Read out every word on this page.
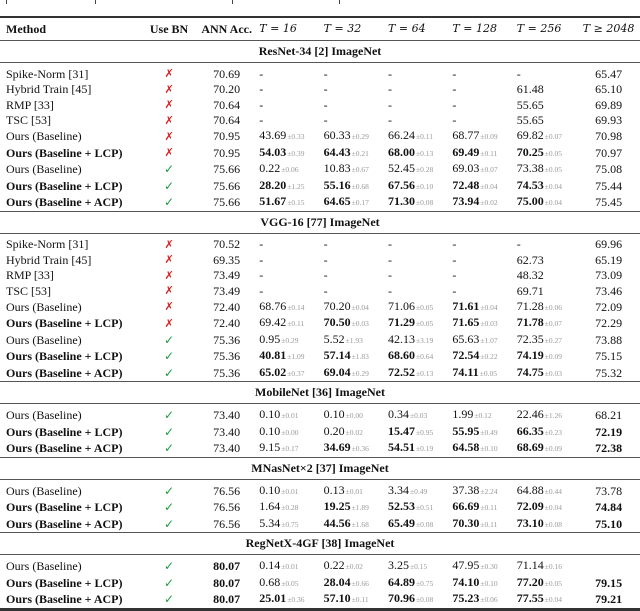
Method	Use BN	ANN Acc.	T = 16	T = 32	T = 64	T = 128	T = 256	T ≥ 2048
ResNet-34 [2] ImageNet								

Spike-Norm [31]	✗	70.69	-	-	-	-	-	65.47
Hybrid Train [45]	✗	70.20	-	-	-	-	61.48	65.10
RMP [33]	✗	70.64	-	-	-	-	55.65	69.89
TSC [53]	✗	70.64	-	-	-	-	55.65	69.93
Ours (Baseline)	✗	70.95	43.69±0.33	60.33±0.29	66.24±0.11	68.77±0.09	69.82±0.07	70.98
Ours (Baseline + LCP)	✗	70.95	54.03±0.39	64.43±0.21	68.00±0.13	69.49±0.11	70.25±0.05	70.97
Ours (Baseline)	✓	75.66	0.22±0.06	10.83±0.67	52.45±0.28	69.03±0.07	73.38±0.05	75.08
Ours (Baseline + LCP)	✓	75.66	28.20±1.25	55.16±0.68	67.56±0.10	72.48±0.04	74.53±0.04	75.44
Ours (Baseline + ACP)	✓	75.66	51.67±0.15	64.65±0.17	71.30±0.08	73.94±0.02	75.00±0.04	75.45
VGG-16 [77] ImageNet								

Spike-Norm [31]	✗	70.52	-	-	-	-	-	69.96
Hybrid Train [45]	✗	69.35	-	-	-	-	62.73	65.19
RMP [33]	✗	73.49	-	-	-	-	48.32	73.09
TSC [53]	✗	73.49	-	-	-	-	69.71	73.46
Ours (Baseline)	✗	72.40	68.76±0.14	70.20±0.04	71.06±0.05	71.61±0.04	71.28±0.06	72.09
Ours (Baseline + LCP)	✗	72.40	69.42±0.11	70.50±0.03	71.29±0.05	71.65±0.03	71.78±0.07	72.29
Ours (Baseline)	✓	75.36	0.95±0.29	5.52±1.93	42.13±3.19	65.63±1.07	72.35±0.27	73.88
Ours (Baseline + LCP)	✓	75.36	40.81±1.09	57.14±1.83	68.60±0.64	72.54±0.22	74.19±0.09	75.15
Ours (Baseline + ACP)	✓	75.36	65.02±0.37	69.04±0.29	72.52±0.13	74.11±0.05	74.75±0.03	75.32
MobileNet [36] ImageNet								

Ours (Baseline)	✓	73.40	0.10±0.01	0.10±0.00	0.34±0.03	1.99±0.12	22.46±1.26	68.21
Ours (Baseline + LCP)	✓	73.40	0.10±0.00	0.20±0.02	15.47±0.95	55.95±0.49	66.35±0.23	72.19
Ours (Baseline + ACP)	✓	73.40	9.15±0.17	34.69±0.36	54.51±0.19	64.58±0.10	68.69±0.09	72.38
MNasNet×2 [37] ImageNet								

Ours (Baseline)	✓	76.56	0.10±0.01	0.13±0.01	3.34±0.49	37.38±2.24	64.88±0.44	73.78
Ours (Baseline + LCP)	✓	76.56	1.64±0.28	19.25±1.89	52.53±0.51	66.69±0.11	72.09±0.04	74.84
Ours (Baseline + ACP)	✓	76.56	5.34±0.75	44.56±1.68	65.49±0.08	70.30±0.11	73.10±0.08	75.10
RegNetX-4GF [38] ImageNet								

Ours (Baseline)	✓	80.07	0.14±0.01	0.22±0.02	3.25±0.15	47.95±0.30	71.14±0.16	
Ours (Baseline + LCP)	✓	80.07	0.68±0.05	28.04±0.66	64.89±0.75	74.10±0.10	77.20±0.05	79.15
Ours (Baseline + ACP)	✓	80.07	25.01±0.36	57.10±0.11	70.96±0.08	75.23±0.06	77.55±0.04	79.21
